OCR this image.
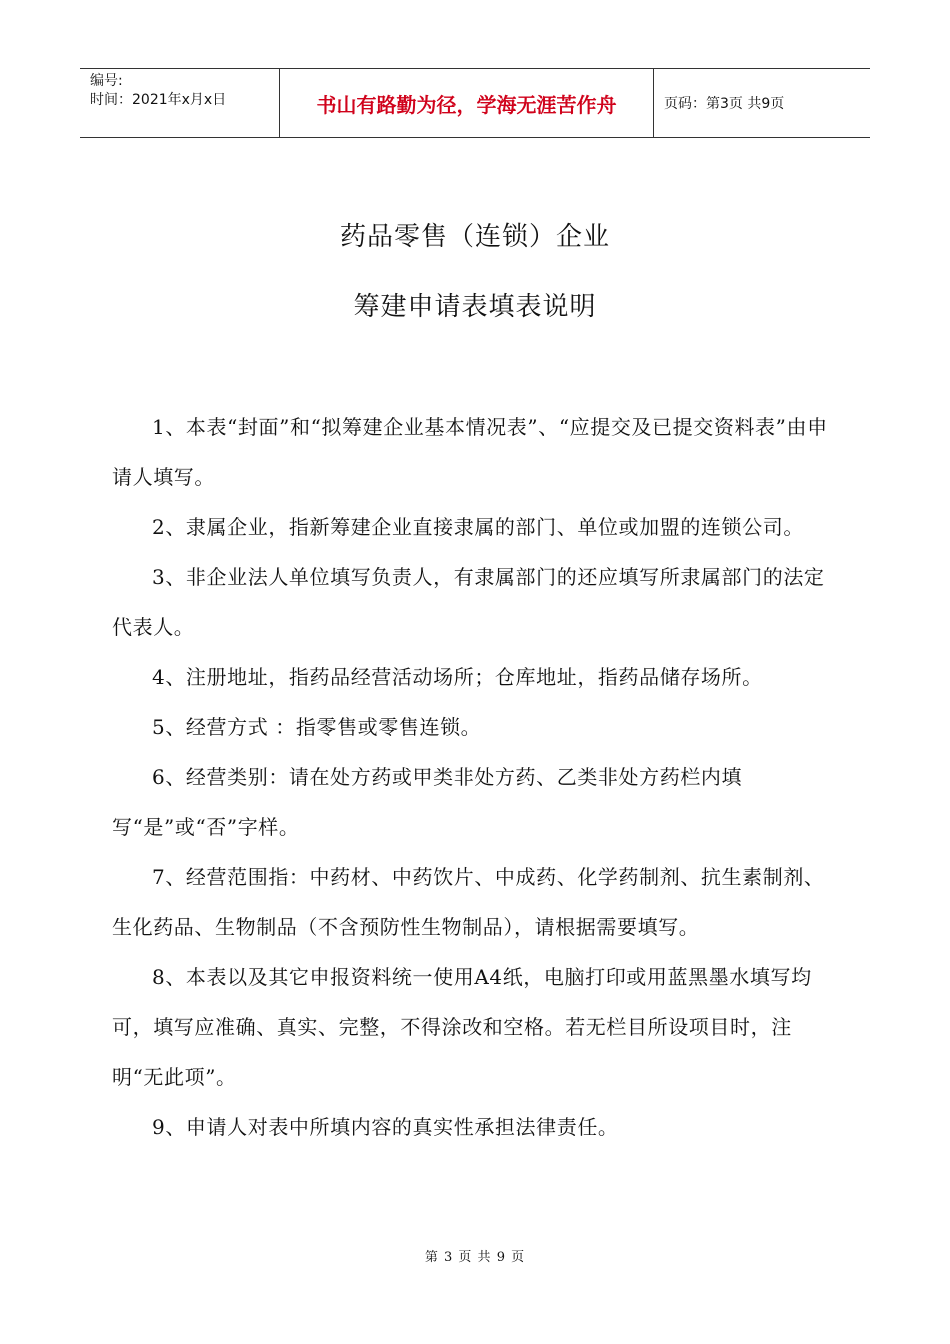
编号:
时间：2021年x月x日	书山有路勤为径，学海无涯苦作舟	页码：第3页 共9页
药品零售（连锁）企业
筹建申请表填表说明

1、本表“封面”和“拟筹建企业基本情况表”、“应提交及已提交资料表”由申请人填写。

2、隶属企业，指新筹建企业直接隶属的部门、单位或加盟的连锁公司。

3、非企业法人单位填写负责人，有隶属部门的还应填写所隶属部门的法定代表人。

4、注册地址，指药品经营活动场所；仓库地址，指药品储存场所。

5、经营方式 ：指零售或零售连锁。

6、经营类别：请在处方药或甲类非处方药、乙类非处方药栏内填写“是”或“否”字样。

7、经营范围指：中药材、中药饮片、中成药、化学药制剂、抗生素制剂、生化药品、生物制品（不含预防性生物制品），请根据需要填写。

8、本表以及其它申报资料统一使用A4纸，电脑打印或用蓝黑墨水填写均可，填写应准确、真实、完整，不得涂改和空格。若无栏目所设项目时，注明“无此项”。

9、申请人对表中所填内容的真实性承担法律责任。

第 3 页 共 9 页
